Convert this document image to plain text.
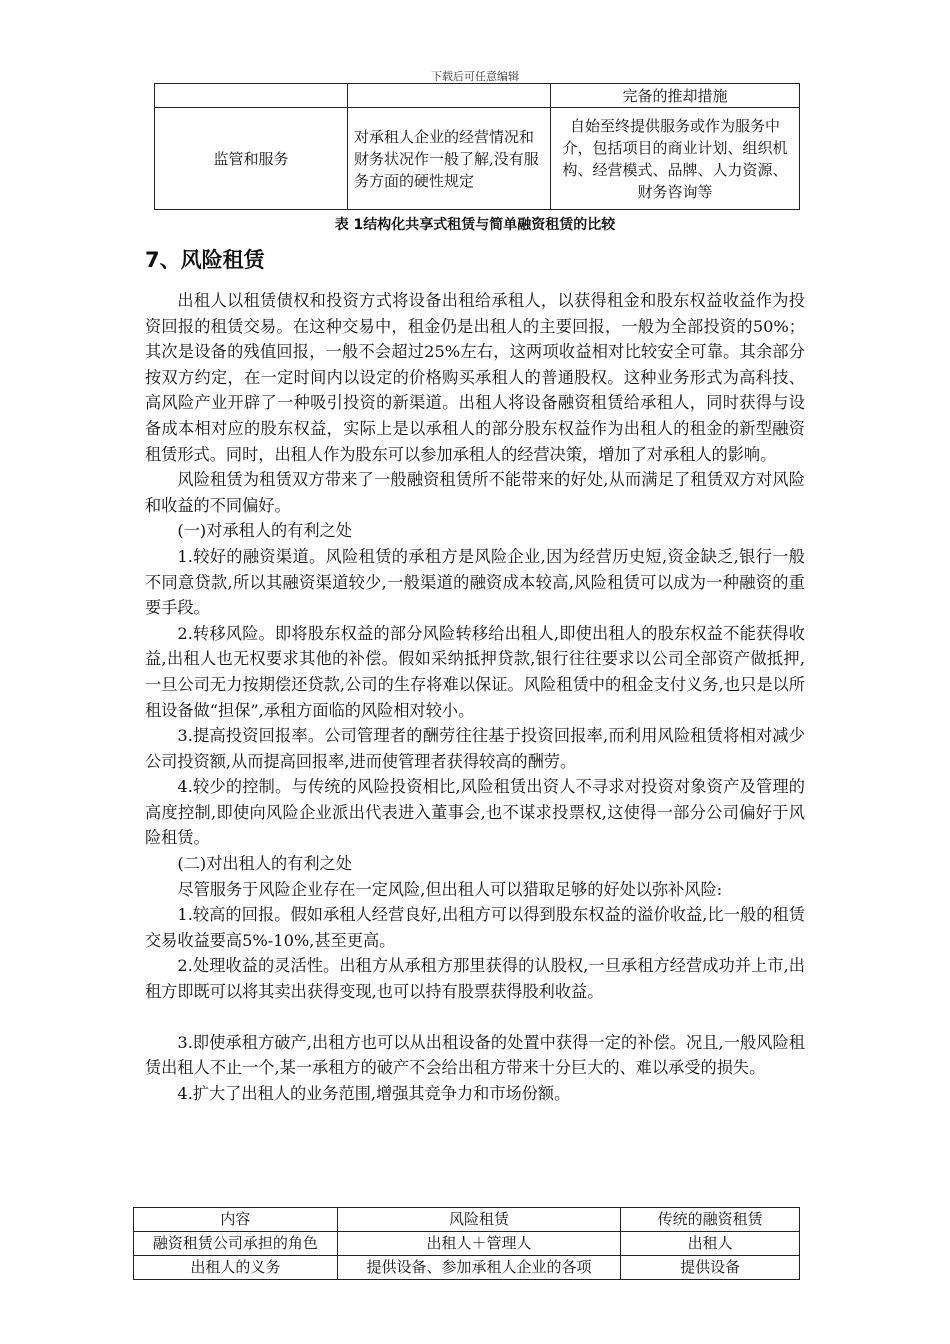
下载后可任意编辑
		完备的推却措施
监管和服务	对承租人企业的经营情况和财务状况作一般了解,没有服务方面的硬性规定	自始至终提供服务或作为服务中介，包括项目的商业计划、组织机构、经营模式、品牌、人力资源、财务咨询等
表 1结构化共享式租赁与简单融资租赁的比较
7、风险租赁

出租人以租赁债权和投资方式将设备出租给承租人，以获得租金和股东权益收益作为投资回报的租赁交易。在这种交易中，租金仍是出租人的主要回报，一般为全部投资的50%；其次是设备的残值回报，一般不会超过25%左右，这两项收益相对比较安全可靠。其余部分按双方约定，在一定时间内以设定的价格购买承租人的普通股权。这种业务形式为高科技、高风险产业开辟了一种吸引投资的新渠道。出租人将设备融资租赁给承租人，同时获得与设备成本相对应的股东权益，实际上是以承租人的部分股东权益作为出租人的租金的新型融资租赁形式。同时，出租人作为股东可以参加承租人的经营决策，增加了对承租人的影响。

风险租赁为租赁双方带来了一般融资租赁所不能带来的好处,从而满足了租赁双方对风险和收益的不同偏好。

(一)对承租人的有利之处

1.较好的融资渠道。风险租赁的承租方是风险企业,因为经营历史短,资金缺乏,银行一般不同意贷款,所以其融资渠道较少,一般渠道的融资成本较高,风险租赁可以成为一种融资的重要手段。

2.转移风险。即将股东权益的部分风险转移给出租人,即使出租人的股东权益不能获得收益,出租人也无权要求其他的补偿。假如采纳抵押贷款,银行往往要求以公司全部资产做抵押,一旦公司无力按期偿还贷款,公司的生存将难以保证。风险租赁中的租金支付义务,也只是以所租设备做“担保”,承租方面临的风险相对较小。

3.提高投资回报率。公司管理者的酬劳往往基于投资回报率,而利用风险租赁将相对减少公司投资额,从而提高回报率,进而使管理者获得较高的酬劳。

4.较少的控制。与传统的风险投资相比,风险租赁出资人不寻求对投资对象资产及管理的高度控制,即使向风险企业派出代表进入董事会,也不谋求投票权,这使得一部分公司偏好于风险租赁。

(二)对出租人的有利之处

尽管服务于风险企业存在一定风险,但出租人可以猎取足够的好处以弥补风险:

1.较高的回报。假如承租人经营良好,出租方可以得到股东权益的溢价收益,比一般的租赁交易收益要高5%-10%,甚至更高。

2.处理收益的灵活性。出租方从承租方那里获得的认股权,一旦承租方经营成功并上市,出租方即既可以将其卖出获得变现,也可以持有股票获得股利收益。

3.即使承租方破产,出租方也可以从出租设备的处置中获得一定的补偿。况且,一般风险租赁出租人不止一个,某一承租方的破产不会给出租方带来十分巨大的、难以承受的损失。

4.扩大了出租人的业务范围,增强其竞争力和市场份额。

内容	风险租赁	传统的融资租赁
融资租赁公司承担的角色	出租人＋管理人	出租人
出租人的义务	提供设备、参加承租人企业的各项	提供设备
